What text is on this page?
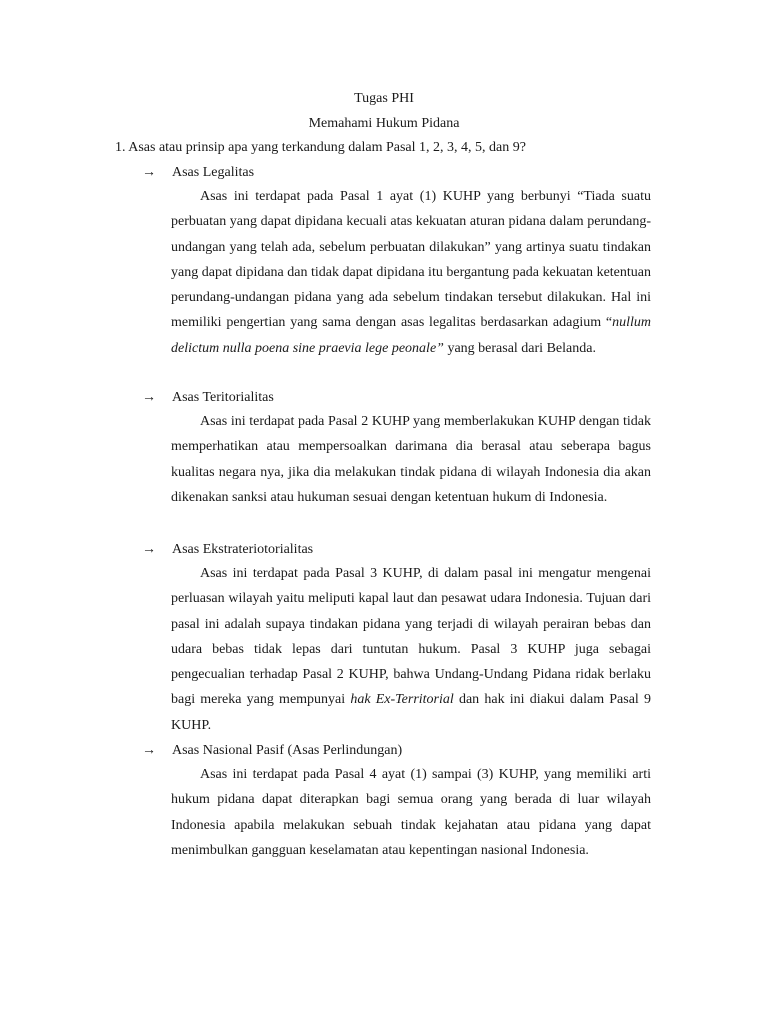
Tugas PHI
Memahami Hukum Pidana
1. Asas atau prinsip apa yang terkandung dalam Pasal 1, 2, 3, 4, 5, dan 9?
→ Asas Legalitas

Asas ini terdapat pada Pasal 1 ayat (1) KUHP yang berbunyi “Tiada suatu perbuatan yang dapat dipidana kecuali atas kekuatan aturan pidana dalam perundang-undangan yang telah ada, sebelum perbuatan dilakukan” yang artinya suatu tindakan yang dapat dipidana dan tidak dapat dipidana itu bergantung pada kekuatan ketentuan perundang-undangan pidana yang ada sebelum tindakan tersebut dilakukan. Hal ini memiliki pengertian yang sama dengan asas legalitas berdasarkan adagium “nullum delictum nulla poena sine praevia lege peonale” yang berasal dari Belanda.

→ Asas Teritorialitas

Asas ini terdapat pada Pasal 2 KUHP yang memberlakukan KUHP dengan tidak memperhatikan atau mempersoalkan darimana dia berasal atau seberapa bagus kualitas negara nya, jika dia melakukan tindak pidana di wilayah Indonesia dia akan dikenakan sanksi atau hukuman sesuai dengan ketentuan hukum di Indonesia.

→ Asas Ekstrateriotorialitas

Asas ini terdapat pada Pasal 3 KUHP, di dalam pasal ini mengatur mengenai perluasan wilayah yaitu meliputi kapal laut dan pesawat udara Indonesia. Tujuan dari pasal ini adalah supaya tindakan pidana yang terjadi di wilayah perairan bebas dan udara bebas tidak lepas dari tuntutan hukum. Pasal 3 KUHP juga sebagai pengecualian terhadap Pasal 2 KUHP, bahwa Undang-Undang Pidana ridak berlaku bagi mereka yang mempunyai hak Ex-Territorial dan hak ini diakui dalam Pasal 9 KUHP.

→ Asas Nasional Pasif (Asas Perlindungan)

Asas ini terdapat pada Pasal 4 ayat (1) sampai (3) KUHP, yang memiliki arti hukum pidana dapat diterapkan bagi semua orang yang berada di luar wilayah Indonesia apabila melakukan sebuah tindak kejahatan atau pidana yang dapat menimbulkan gangguan keselamatan atau kepentingan nasional Indonesia.
